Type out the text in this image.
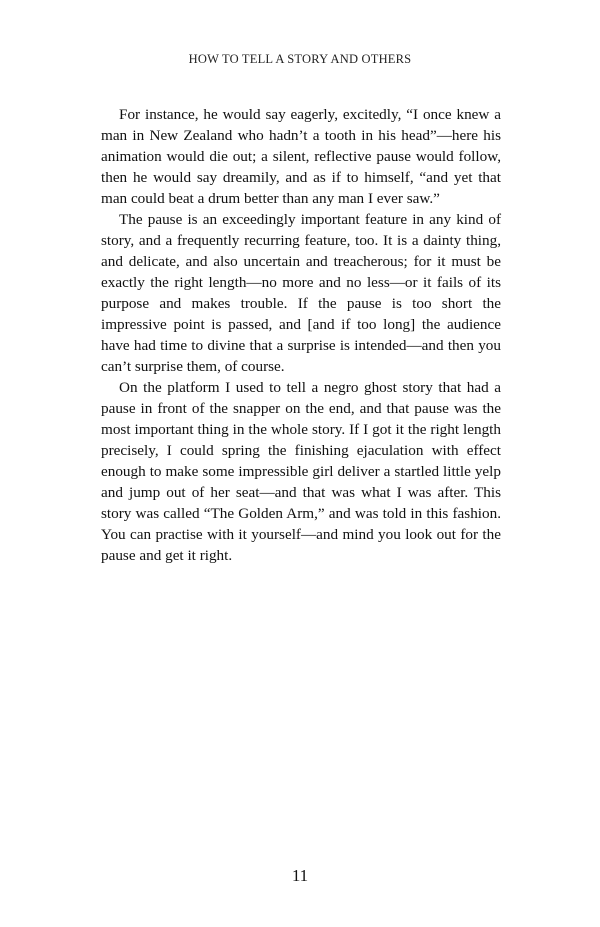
HOW TO TELL A STORY AND OTHERS

For instance, he would say eagerly, excitedly, “I once knew a man in New Zealand who hadn’t a tooth in his head”—here his animation would die out; a silent, reflective pause would follow, then he would say dreamily, and as if to himself, “and yet that man could beat a drum better than any man I ever saw.”

The pause is an exceedingly important feature in any kind of story, and a frequently recurring feature, too. It is a dainty thing, and delicate, and also uncertain and treacherous; for it must be exactly the right length—no more and no less—or it fails of its purpose and makes trouble. If the pause is too short the impressive point is passed, and [and if too long] the audience have had time to divine that a surprise is intended—and then you can’t surprise them, of course.

On the platform I used to tell a negro ghost story that had a pause in front of the snapper on the end, and that pause was the most important thing in the whole story. If I got it the right length precisely, I could spring the finishing ejaculation with effect enough to make some impressible girl deliver a startled little yelp and jump out of her seat—and that was what I was after. This story was called “The Golden Arm,” and was told in this fashion. You can practise with it yourself—and mind you look out for the pause and get it right.

11
